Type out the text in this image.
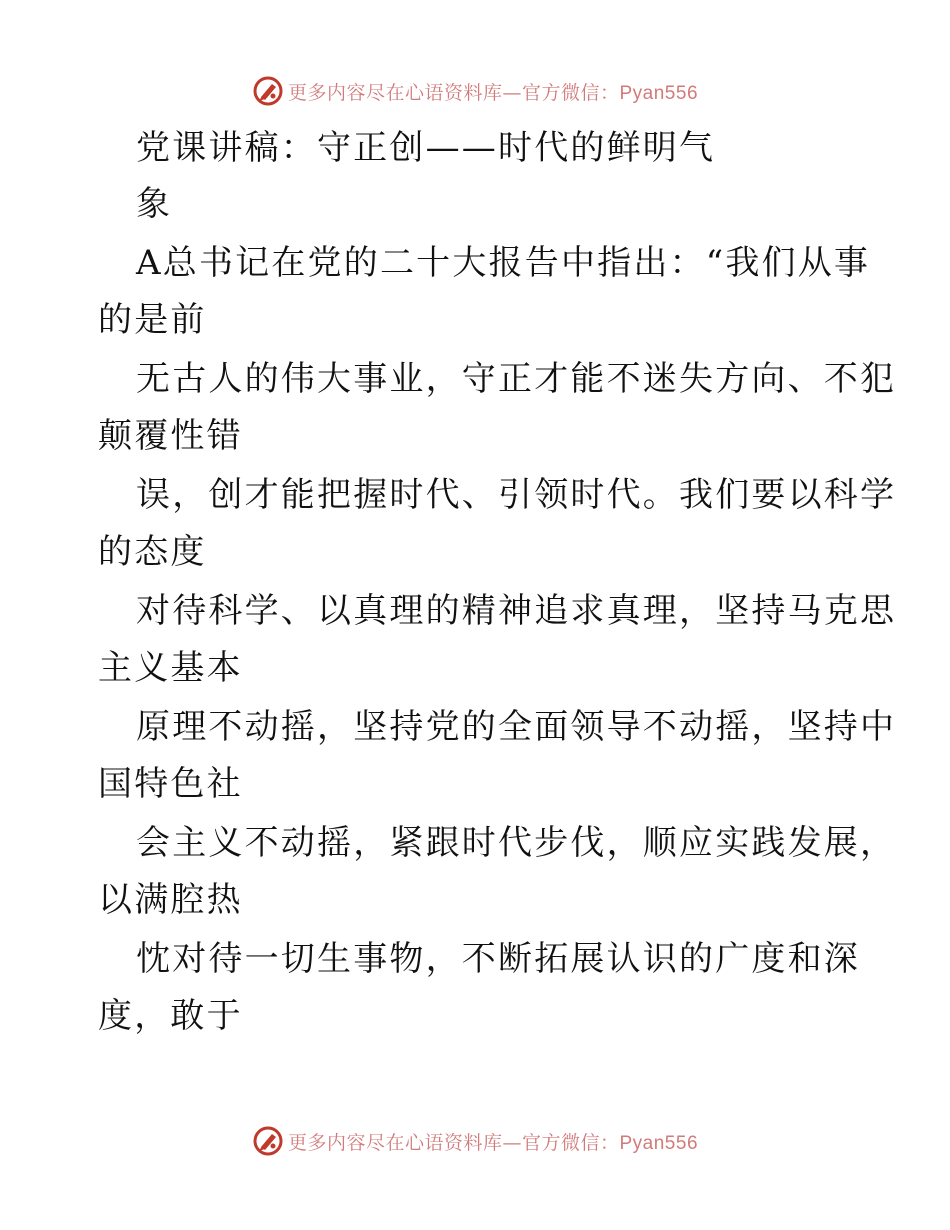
更多内容尽在心语资料库—官方微信：Pyan556
党课讲稿：守正创——时代的鲜明气
象
A总书记在党的二十大报告中指出：“我们从事
的是前
无古人的伟大事业，守正才能不迷失方向、不犯
颠覆性错
误，创才能把握时代、引领时代。我们要以科学
的态度
对待科学、以真理的精神追求真理，坚持马克思
主义基本
原理不动摇，坚持党的全面领导不动摇，坚持中
国特色社
会主义不动摇，紧跟时代步伐，顺应实践发展，
以满腔热
忱对待一切生事物，不断拓展认识的广度和深
度，敢于
更多内容尽在心语资料库—官方微信：Pyan556
